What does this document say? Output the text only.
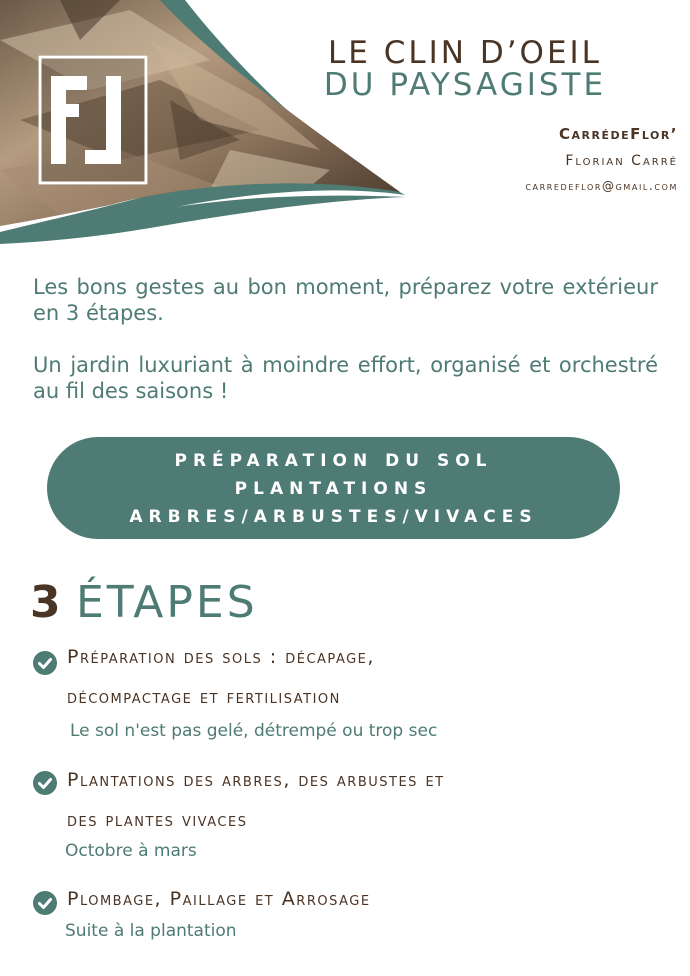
LE CLIN D’OEIL
DU PAYSAGISTE
CarrédeFlor’
Florian Carré
carredeflor@gmail.com

Les bons gestes au bon moment, préparez votre extérieur en 3 étapes.

Un jardin luxuriant à moindre effort, organisé et orchestré au fil des saisons !

PRÉPARATION DU SOL
PLANTATIONS
ARBRES/ARBUSTES/VIVACES
3 ÉTAPES
Préparation des sols : décapage,
décompactage et fertilisation
Le sol n'est pas gelé, détrempé ou trop sec
Plantations des arbres, des arbustes et
des plantes vivaces
Octobre à mars
Plombage, Paillage et Arrosage
Suite à la plantation
